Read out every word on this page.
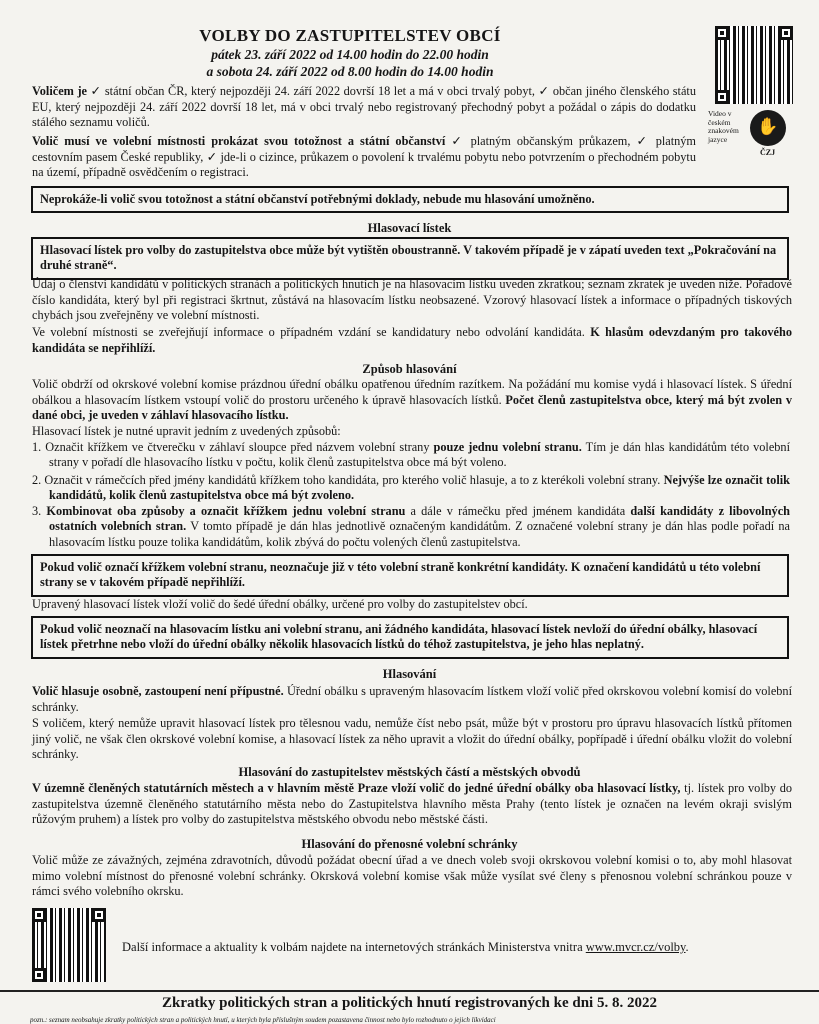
VOLBY DO ZASTUPITELSTEV OBCÍ
pátek 23. září 2022 od 14.00 hodin do 22.00 hodin
a sobota 24. září 2022 od 8.00 hodin do 14.00 hodin
Video v českém znakovém jazyce
✋
ČZJ

Voličem je ✓ státní občan ČR, který nejpozději 24. září 2022 dovrší 18 let a má v obci trvalý pobyt, ✓ občan jiného členského státu EU, který nejpozději 24. září 2022 dovrší 18 let, má v obci trvalý nebo registrovaný přechodný pobyt a požádal o zápis do dodatku stálého seznamu voličů.

Volič musí ve volební místnosti prokázat svou totožnost a státní občanství ✓ platným občanským průkazem, ✓ platným cestovním pasem České republiky, ✓ jde-li o cizince, průkazem o povolení k trvalému pobytu nebo potvrzením o přechodném pobytu na území, případně osvědčením o registraci.

Neprokáže-li volič svou totožnost a státní občanství potřebnými doklady, nebude mu hlasování umožněno.
Hlasovací lístek
Hlasovací lístek pro volby do zastupitelstva obce může být vytištěn oboustranně. V takovém případě je v zápatí uveden text „Pokračování na druhé straně“.

Údaj o členství kandidátů v politických stranách a politických hnutích je na hlasovacím lístku uveden zkratkou; seznam zkratek je uveden níže. Pořadové číslo kandidáta, který byl při registraci škrtnut, zůstává na hlasovacím lístku neobsazené. Vzorový hlasovací lístek a informace o případných tiskových chybách jsou zveřejněny ve volební místnosti.

Ve volební místnosti se zveřejňují informace o případném vzdání se kandidatury nebo odvolání kandidáta. K hlasům odevzdaným pro takového kandidáta se nepřihlíží.

Způsob hlasování

Volič obdrží od okrskové volební komise prázdnou úřední obálku opatřenou úředním razítkem. Na požádání mu komise vydá i hlasovací lístek. S úřední obálkou a hlasovacím lístkem vstoupí volič do prostoru určeného k úpravě hlasovacích lístků. Počet členů zastupitelstva obce, který má být zvolen v dané obci, je uveden v záhlaví hlasovacího lístku.

Hlasovací lístek je nutné upravit jedním z uvedených způsobů:

1. Označit křížkem ve čtverečku v záhlaví sloupce před názvem volební strany pouze jednu volební stranu. Tím je dán hlas kandidátům této volební strany v pořadí dle hlasovacího lístku v počtu, kolik členů zastupitelstva obce má být voleno.

2. Označit v rámečcích před jmény kandidátů křížkem toho kandidáta, pro kterého volič hlasuje, a to z kterékoli volební strany. Nejvýše lze označit tolik kandidátů, kolik členů zastupitelstva obce má být zvoleno.

3. Kombinovat oba způsoby a označit křížkem jednu volební stranu a dále v rámečku před jménem kandidáta další kandidáty z libovolných ostatních volebních stran. V tomto případě je dán hlas jednotlivě označeným kandidátům. Z označené volební strany je dán hlas podle pořadí na hlasovacím lístku pouze tolika kandidátům, kolik zbývá do počtu volených členů zastupitelstva.

Pokud volič označí křížkem volební stranu, neoznačuje již v této volební straně konkrétní kandidáty. K označení kandidátů u této volební strany se v takovém případě nepřihlíží.

Upravený hlasovací lístek vloží volič do šedé úřední obálky, určené pro volby do zastupitelstev obcí.

Pokud volič neoznačí na hlasovacím lístku ani volební stranu, ani žádného kandidáta, hlasovací lístek nevloží do úřední obálky, hlasovací lístek přetrhne nebo vloží do úřední obálky několik hlasovacích lístků do téhož zastupitelstva, je jeho hlas neplatný.
Hlasování

Volič hlasuje osobně, zastoupení není přípustné. Úřední obálku s upraveným hlasovacím lístkem vloží volič před okrskovou volební komisí do volební schránky.

S voličem, který nemůže upravit hlasovací lístek pro tělesnou vadu, nemůže číst nebo psát, může být v prostoru pro úpravu hlasovacích lístků přítomen jiný volič, ne však člen okrskové volební komise, a hlasovací lístek za něho upravit a vložit do úřední obálky, popřípadě i úřední obálku vložit do volební schránky.

Hlasování do zastupitelstev městských částí a městských obvodů

V územně členěných statutárních městech a v hlavním městě Praze vloží volič do jedné úřední obálky oba hlasovací lístky, tj. lístek pro volby do zastupitelstva územně členěného statutárního města nebo do Zastupitelstva hlavního města Prahy (tento lístek je označen na levém okraji svislým růžovým pruhem) a lístek pro volby do zastupitelstva městského obvodu nebo městské části.

Hlasování do přenosné volební schránky

Volič může ze závažných, zejména zdravotních, důvodů požádat obecní úřad a ve dnech voleb svoji okrskovou volební komisi o to, aby mohl hlasovat mimo volební místnost do přenosné volební schránky. Okrsková volební komise však může vysílat své členy s přenosnou volební schránkou pouze v rámci svého volebního okrsku.

Další informace a aktuality k volbám najdete na internetových stránkách Ministerstva vnitra www.mvcr.cz/volby.

Zkratky politických stran a politických hnutí registrovaných ke dni 5. 8. 2022
pozn.: seznam neobsahuje zkratky politických stran a politických hnutí, u kterých byla příslušným soudem pozastavena činnost nebo bylo rozhodnuto o jejich likvidaci
